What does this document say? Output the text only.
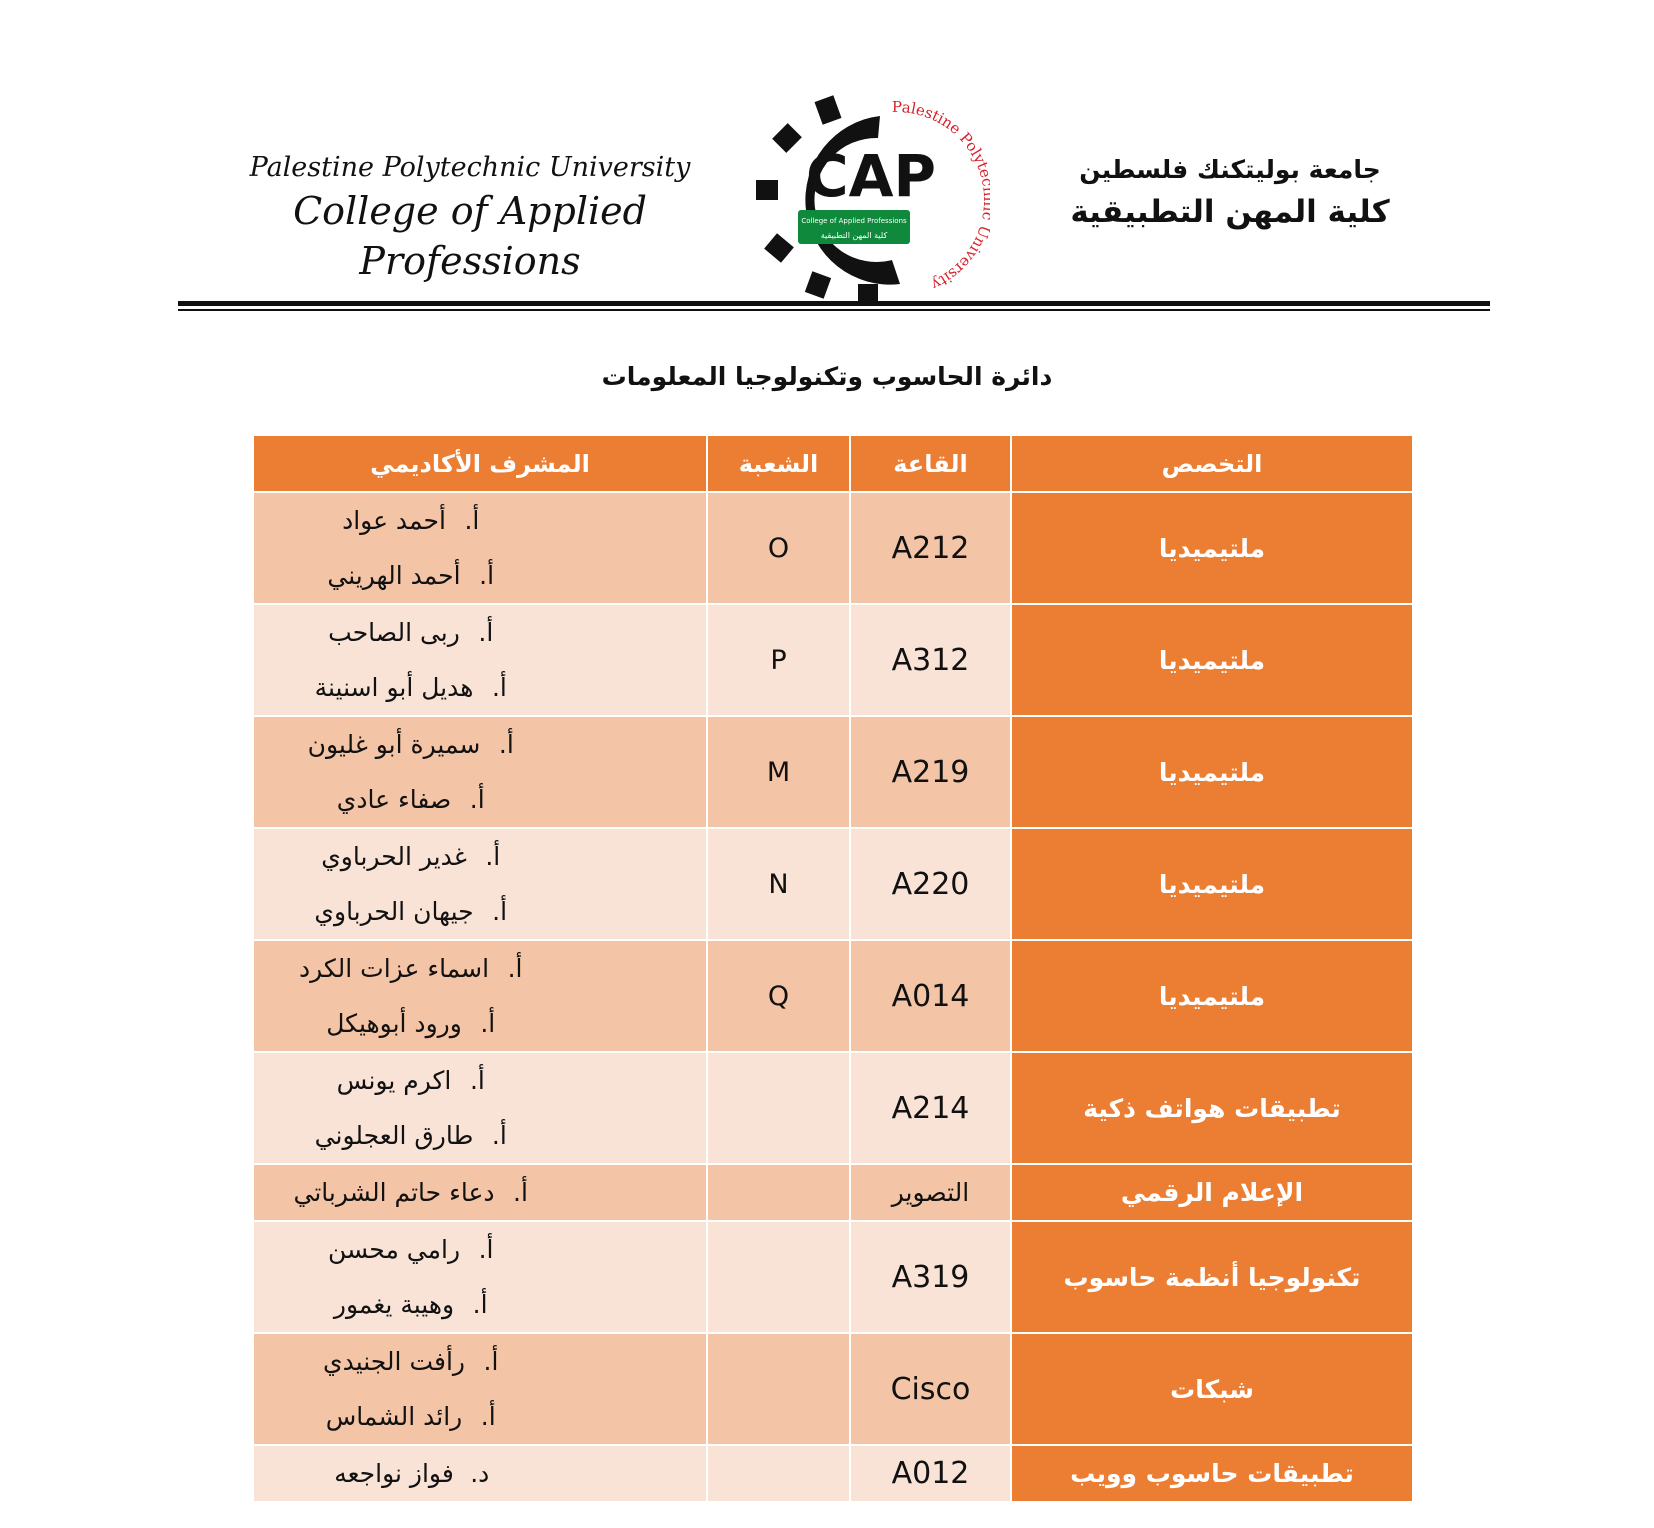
Palestine Polytechnic University
College of Applied Professions
Palestine Poly niversity
CAP
College of Applied Professions
كلية المهن التطبيقية
جامعة بوليتكنك فلسطين
كلية المهن التطبيقية
دائرة الحاسوب وتكنولوجيا المعلومات
التخصص	القاعة	الشعبة	المشرف الأكاديمي
ملتيميديا	A212	O	أ.أحمد عواد
أ.أحمد الهريني

ملتيميديا	A312	P	أ.ربى الصاحب
أ.هديل أبو اسنينة

ملتيميديا	A219	M	أ.سميرة أبو غليون
أ.صفاء عادي

ملتيميديا	A220	N	أ.غدير الحرباوي
أ.جيهان الحرباوي

ملتيميديا	A014	Q	أ.اسماء عزات الكرد
أ.ورود أبوهيكل

تطبيقات هواتف ذكية	A214		أ.اكرم يونس
أ.طارق العجلوني

الإعلام الرقمي	التصوير		أ.دعاء حاتم الشرباتي

تكنولوجيا أنظمة حاسوب	A319		أ.رامي محسن
أ.وهيبة يغمور

شبكات	Cisco		أ.رأفت الجنيدي
أ.رائد الشماس

تطبيقات حاسوب وويب	A012		د.فواز نواجعه
